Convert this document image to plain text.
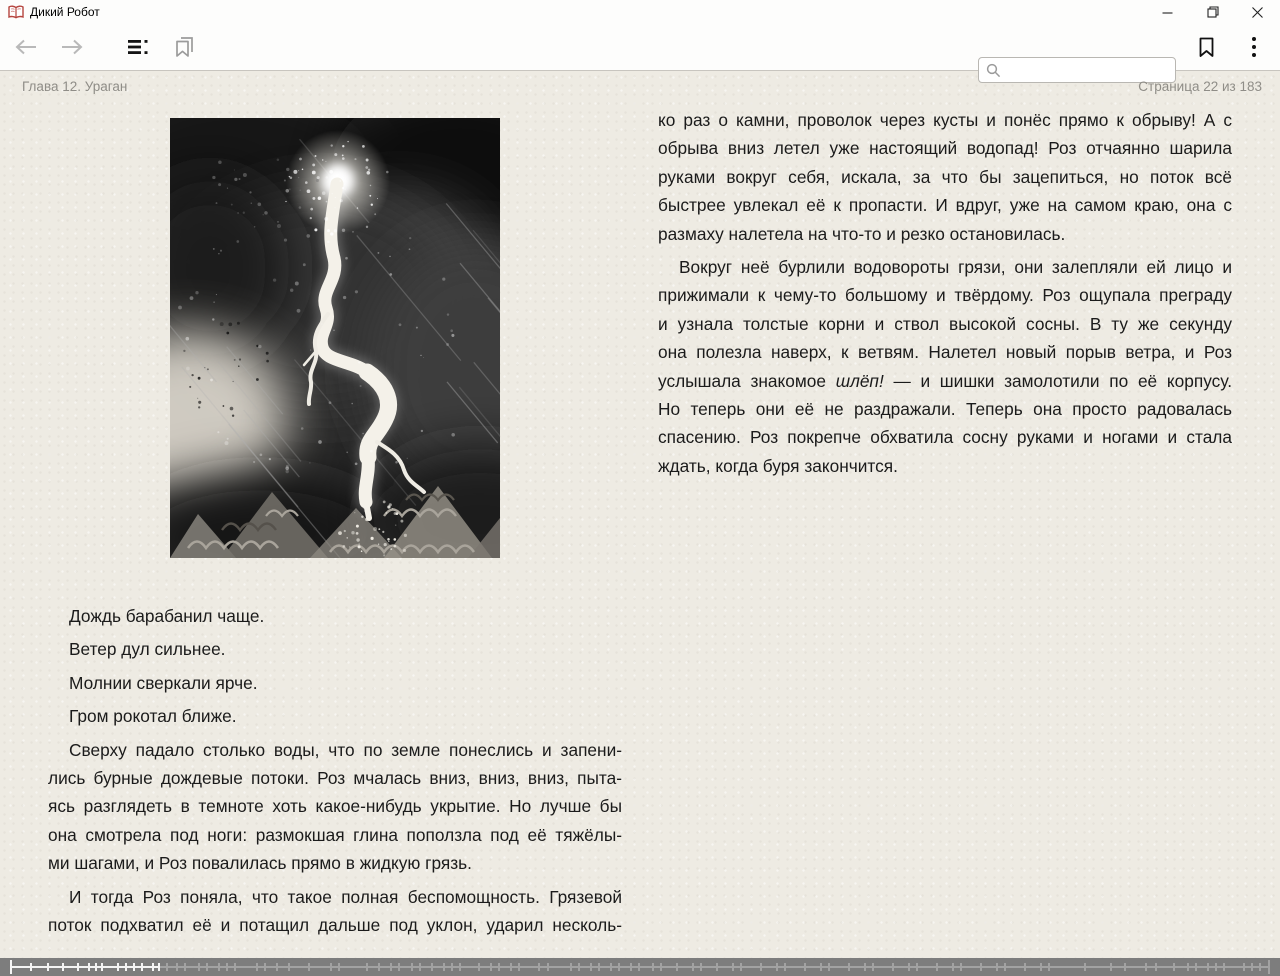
Дикий Робот
Глава 12. Ураган	Страница 22 из 183
Дождь барабанил чаще.
Ветер дул сильнее.
Молнии сверкали ярче.
Гром рокотал ближе.
Сверху падало столько воды, что по земле понеслись и запени-
лись бурные дождевые потоки. Роз мчалась вниз, вниз, вниз, пыта-
ясь разглядеть в темноте хоть какое-нибудь укрытие. Но лучше бы
она смотрела под ноги: размокшая глина поползла под её тяжёлы-
ми шагами, и Роз повалилась прямо в жидкую грязь.
И тогда Роз поняла, что такое полная беспомощность. Грязевой
поток подхватил её и потащил дальше под уклон, ударил несколь-
ко раз о камни, проволок через кусты и понёс прямо к обрыву! А с
обрыва вниз летел уже настоящий водопад! Роз отчаянно шарила
руками вокруг себя, искала, за что бы зацепиться, но поток всё
быстрее увлекал её к пропасти. И вдруг, уже на самом краю, она с
размаху налетела на что-то и резко остановилась.
Вокруг неё бурлили водовороты грязи, они залепляли ей лицо и
прижимали к чему-то большому и твёрдому. Роз ощупала преграду
и узнала толстые корни и ствол высокой сосны. В ту же секунду
она полезла наверх, к ветвям. Налетел новый порыв ветра, и Роз
услышала знакомое шлёп! — и шишки замолотили по её корпусу.
Но теперь они её не раздражали. Теперь она просто радовалась
спасению. Роз покрепче обхватила сосну руками и ногами и стала
ждать, когда буря закончится.
